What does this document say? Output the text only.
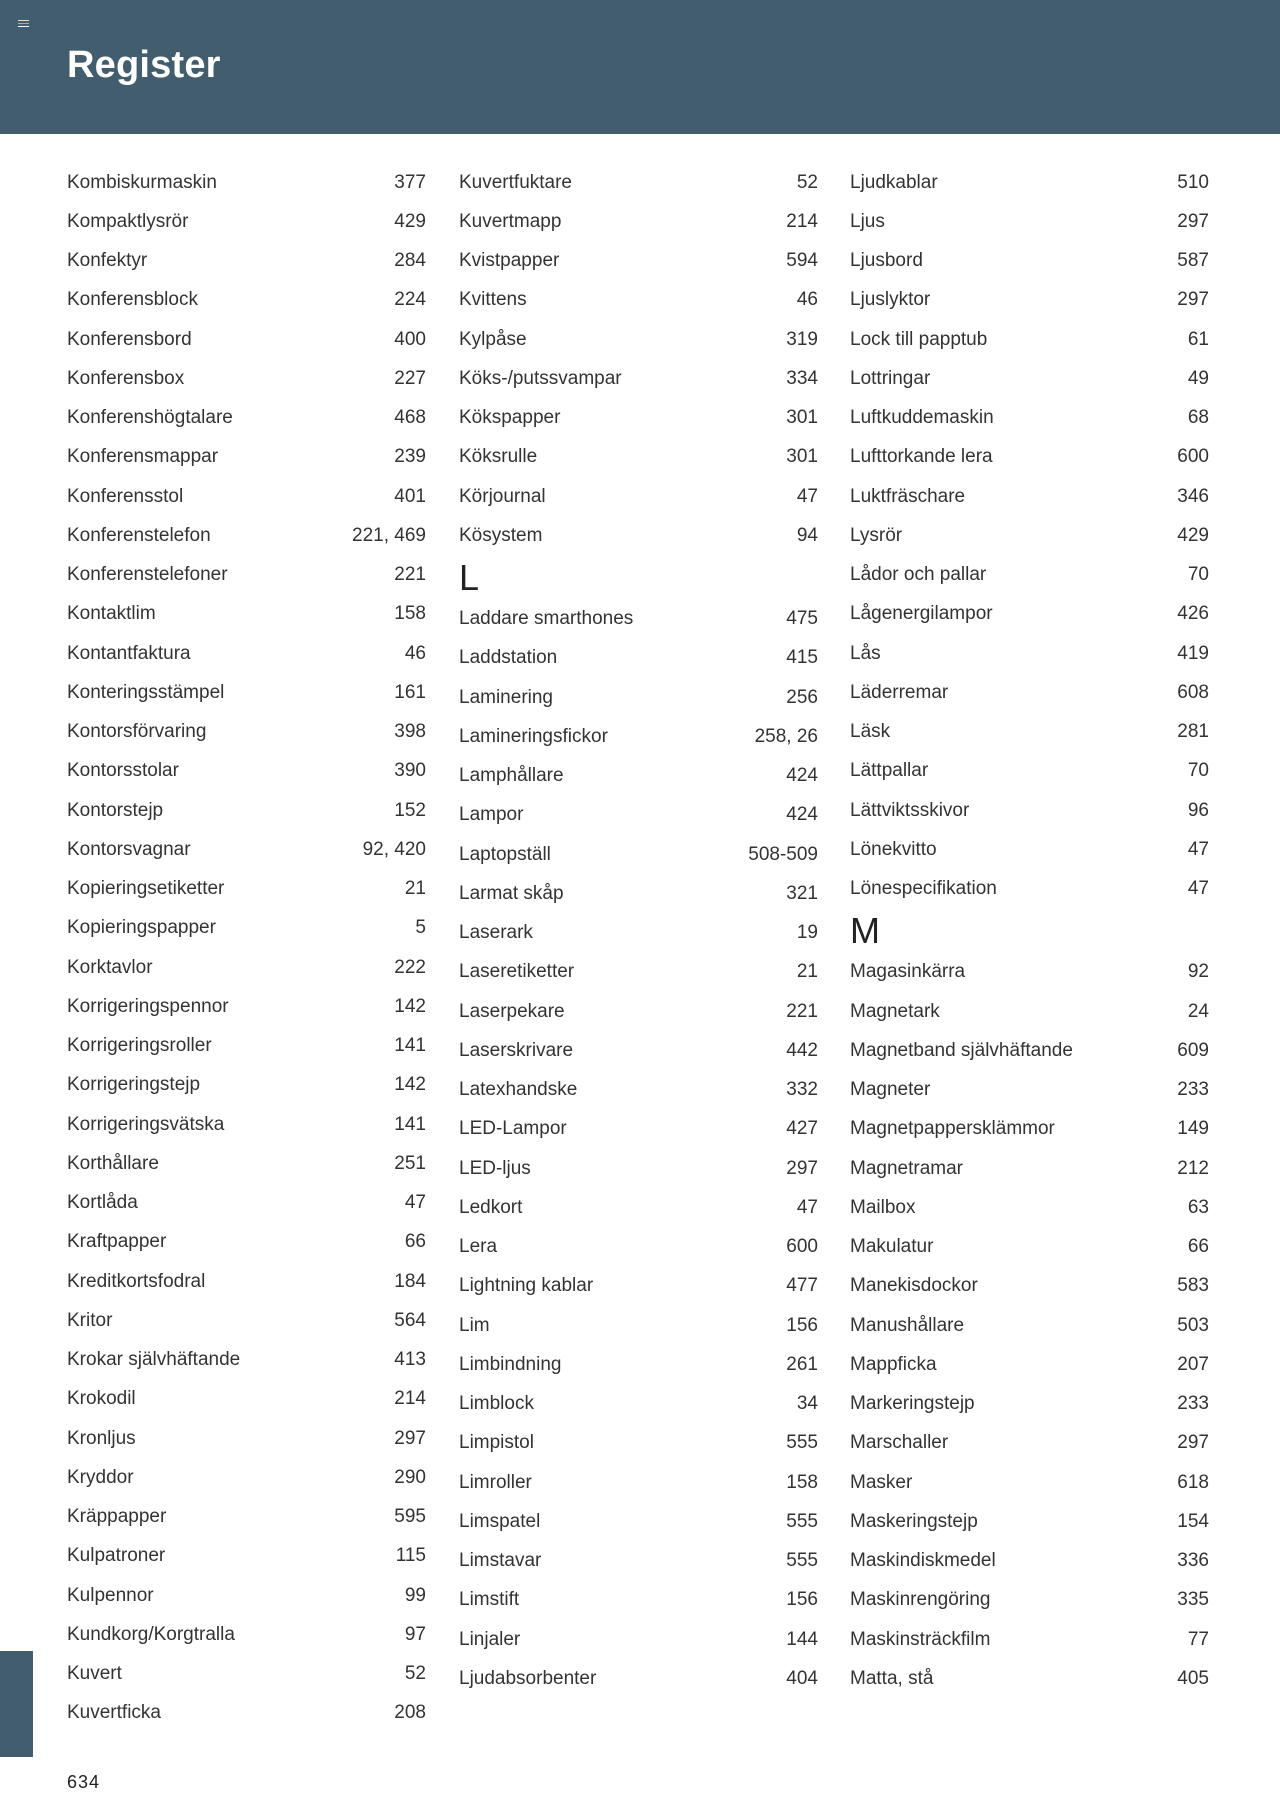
Register
Kombiskurmaskin	377
Kompaktlysrör	429
Konfektyr	284
Konferensblock	224
Konferensbord	400
Konferensbox	227
Konferenshögtalare	468
Konferensmappar	239
Konferensstol	401
Konferenstelefon	221, 469
Konferenstelefoner	221
Kontaktlim	158
Kontantfaktura	46
Konteringsstämpel	161
Kontorsförvaring	398
Kontorsstolar	390
Kontorstejp	152
Kontorsvagnar	92, 420
Kopieringsetiketter	21
Kopieringspapper	5
Korktavlor	222
Korrigeringspennor	142
Korrigeringsroller	141
Korrigeringstejp	142
Korrigeringsvätska	141
Korthållare	251
Kortlåda	47
Kraftpapper	66
Kreditkortsfodral	184
Kritor	564
Krokar självhäftande	413
Krokodil	214
Kronljus	297
Kryddor	290
Kräppapper	595
Kulpatroner	115
Kulpennor	99
Kundkorg/Korgtralla	97
Kuvert	52
Kuvertficka	208
Kuvertfuktare	52
Kuvertmapp	214
Kvistpapper	594
Kvittens	46
Kylpåse	319
Köks-/putssvampar	334
Kökspapper	301
Köksrulle	301
Körjournal	47
Kösystem	94
L
Laddare smarthones	475
Laddstation	415
Laminering	256
Lamineringsfickor	258, 26
Lamphållare	424
Lampor	424
Laptopställ	508-509
Larmat skåp	321
Laserark	19
Laseretiketter	21
Laserpekare	221
Laserskrivare	442
Latexhandske	332
LED-Lampor	427
LED-ljus	297
Ledkort	47
Lera	600
Lightning kablar	477
Lim	156
Limbindning	261
Limblock	34
Limpistol	555
Limroller	158
Limspatel	555
Limstavar	555
Limstift	156
Linjaler	144
Ljudabsorbenter	404
Ljudkablar	510
Ljus	297
Ljusbord	587
Ljuslyktor	297
Lock till papptub	61
Lottringar	49
Luftkuddemaskin	68
Lufttorkande lera	600
Luktfräschare	346
Lysrör	429
Lådor och pallar	70
Lågenergilampor	426
Lås	419
Läderremar	608
Läsk	281
Lättpallar	70
Lättviktsskivor	96
Lönekvitto	47
Lönespecifikation	47
M
Magasinkärra	92
Magnetark	24
Magnetband självhäftande	609
Magneter	233
Magnetpappersklämmor	149
Magnetramar	212
Mailbox	63
Makulatur	66
Manekisdockor	583
Manushållare	503
Mappficka	207
Markeringstejp	233
Marschaller	297
Masker	618
Maskeringstejp	154
Maskindiskmedel	336
Maskinrengöring	335
Maskinsträckfilm	77
Matta, stå	405
634
